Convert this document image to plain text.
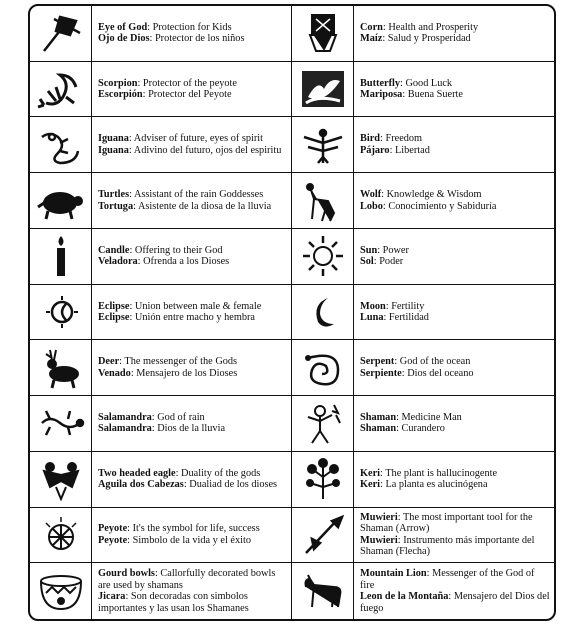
Eye of God: Protection for Kids
Ojo de Dios: Protector de los niños
Corn: Health and Prosperity
Maíz: Salud y Prosperidad
Scorpion: Protector of the peyote
Escorpión: Protector del Peyote
Butterfly: Good Luck
Mariposa: Buena Suerte
Iguana: Adviser of future, eyes of spirit
Iguana: Adivino del futuro, ojos del espiritu
Bird: Freedom
Pájaro: Libertad
Turtles: Assistant of the rain Goddesses
Tortuga: Asistente de la diosa de la lluvia
Wolf: Knowledge & Wisdom
Lobo: Conocimiento y Sabiduría
Candle: Offering to their God
Veladora: Ofrenda a los Dioses
Sun: Power
Sol: Poder
Eclipse: Union between male & female
Eclipse: Unión entre macho y hembra
Moon: Fertility
Luna: Fertilidad
Deer: The messenger of the Gods
Venado: Mensajero de los Dioses
Serpent: God of the ocean
Serpiente: Dios del oceano
Salamandra: God of rain
Salamandra: Dios de la lluvia
Shaman: Medicine Man
Shaman: Curandero
Two headed eagle: Duality of the gods
Aguila dos Cabezas: Dualiad de los dioses
Keri: The plant is hallucinogente
Keri: La planta es alucinógena
Peyote: It's the symbol for life, success
Peyote: Simbolo de la vida y el éxito
Muwieri: The most important tool for the Shaman (Arrow)
Muwieri: Instrumento más importante del Shaman (Flecha)
Gourd bowls: Callorfully decorated bowls are used by shamans
Jicara: Son decoradas con simbolos importantes y las usan los Shamanes
Mountain Lion: Messenger of the God of fire
Leon de la Montaña: Mensajero del Dios del fuego
